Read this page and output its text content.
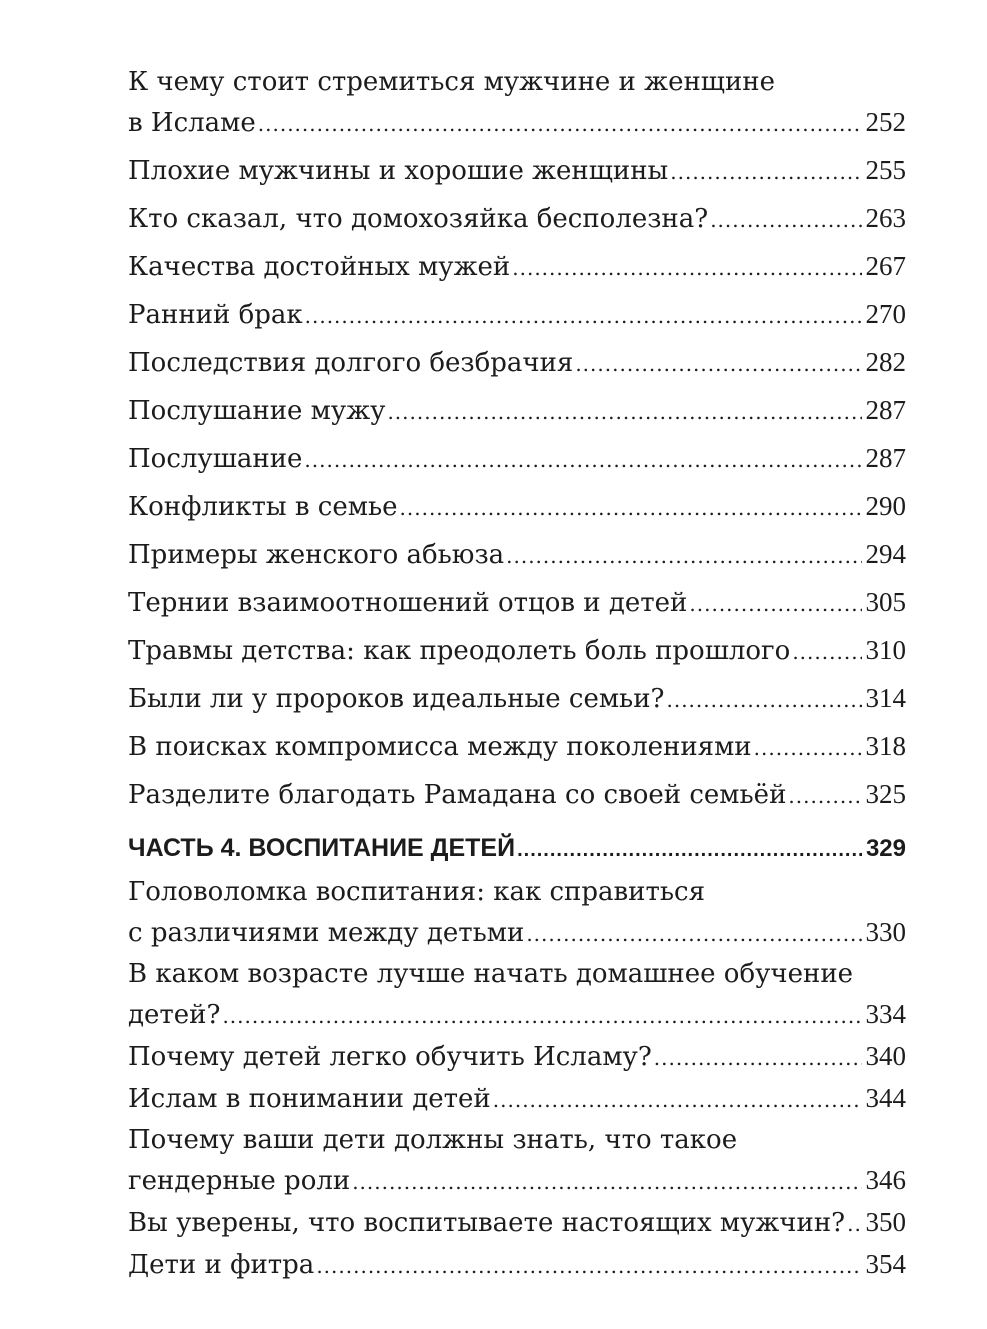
К чему стоит стремиться мужчине и женщине
в Исламе .....	252
Плохие мужчины и хорошие женщины .....	255
Кто сказал, что домохозяйка бесполезна? .....	263
Качества достойных мужей .....	267
Ранний брак .....	270
Последствия долгого безбрачия .....	282
Послушание мужу .....	287
Послушание .....	287
Конфликты в семье .....	290
Примеры женского абьюза .....	294
Тернии взаимоотношений отцов и детей .....	305
Травмы детства: как преодолеть боль прошлого .....	310
Были ли у пророков идеальные семьи? .....	314
В поисках компромисса между поколениями .....	318
Разделите благодать Рамадана со своей семьёй .....	325
ЧАСТЬ 4. ВОСПИТАНИЕ ДЕТЕЙ .....	329
Головоломка воспитания: как справиться
с различиями между детьми .....	330
В каком возрасте лучше начать домашнее обучение
детей? .....	334
Почему детей легко обучить Исламу? .....	340
Ислам в понимании детей .....	344
Почему ваши дети должны знать, что такое
гендерные роли .....	346
Вы уверены, что воспитываете настоящих мужчин? ..... 350
Дети и фитра .....	354
